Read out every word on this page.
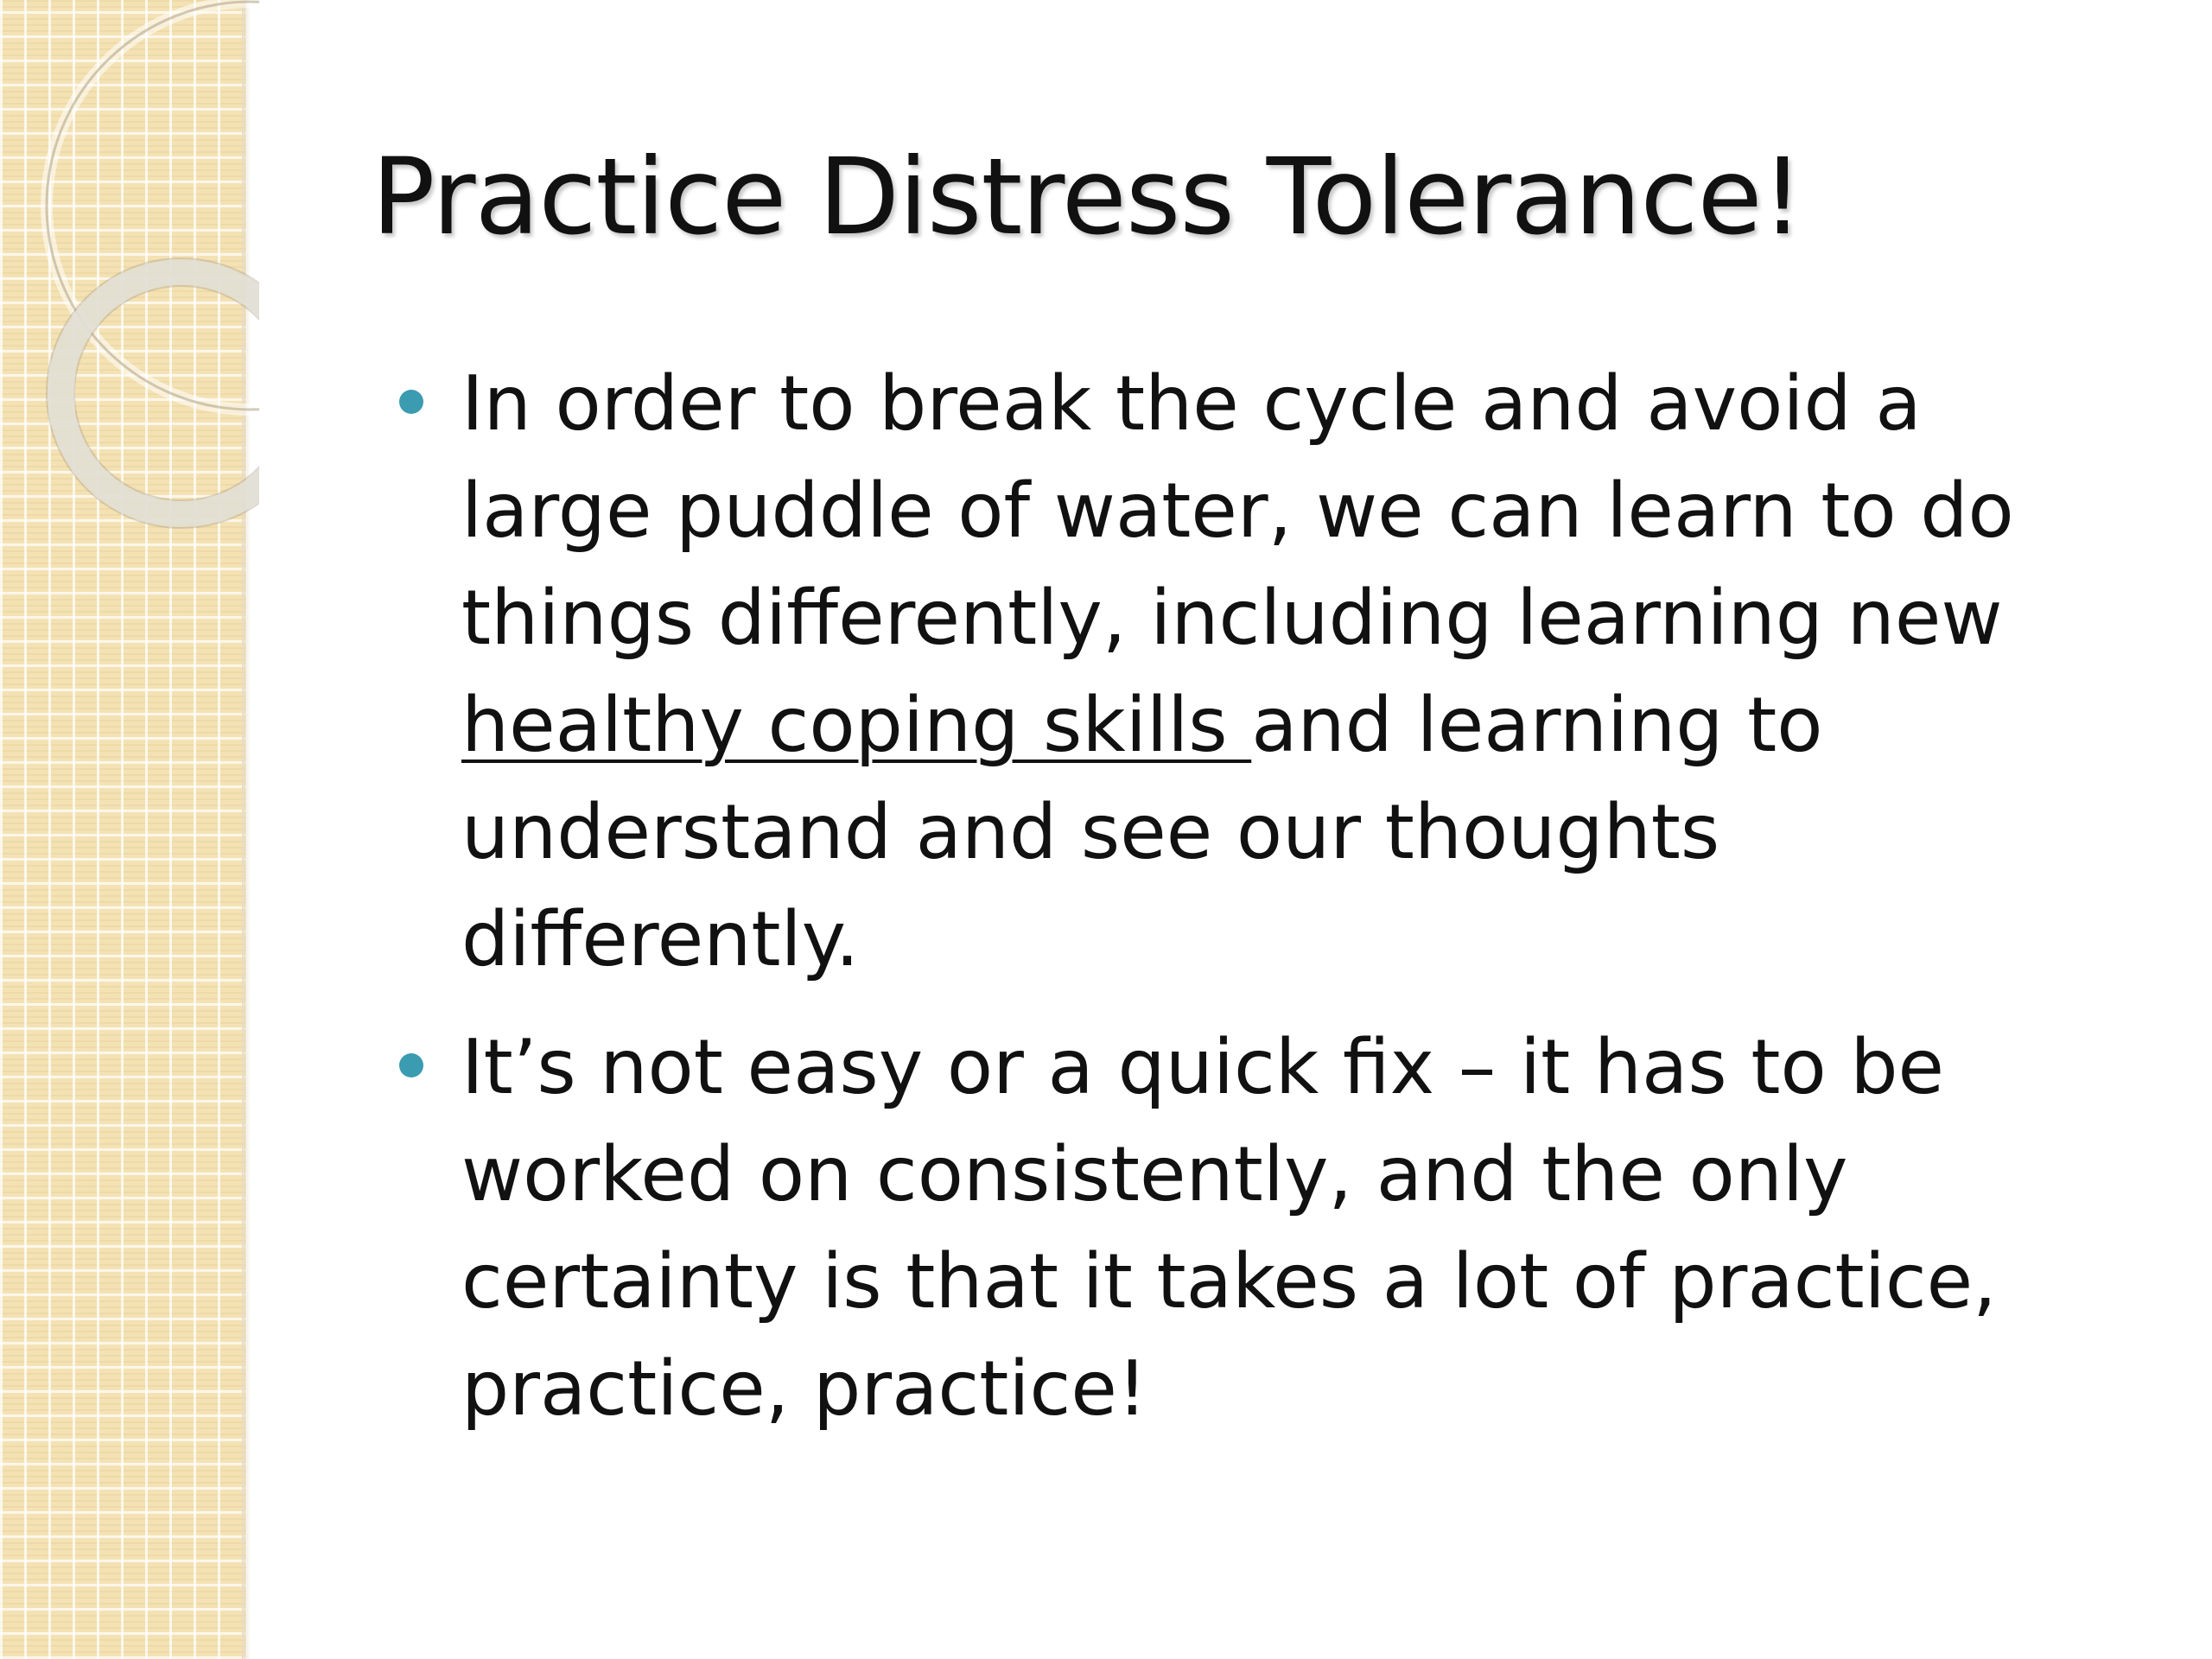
Practice Distress Tolerance!
In order to break the cycle and avoid a large puddle of water, we can learn to do things differently, including learning new healthy coping skills and learning to understand and see our thoughts differently.
It’s not easy or a quick fix – it has to be worked on consistently, and the only certainty is that it takes a lot of practice, practice, practice!
